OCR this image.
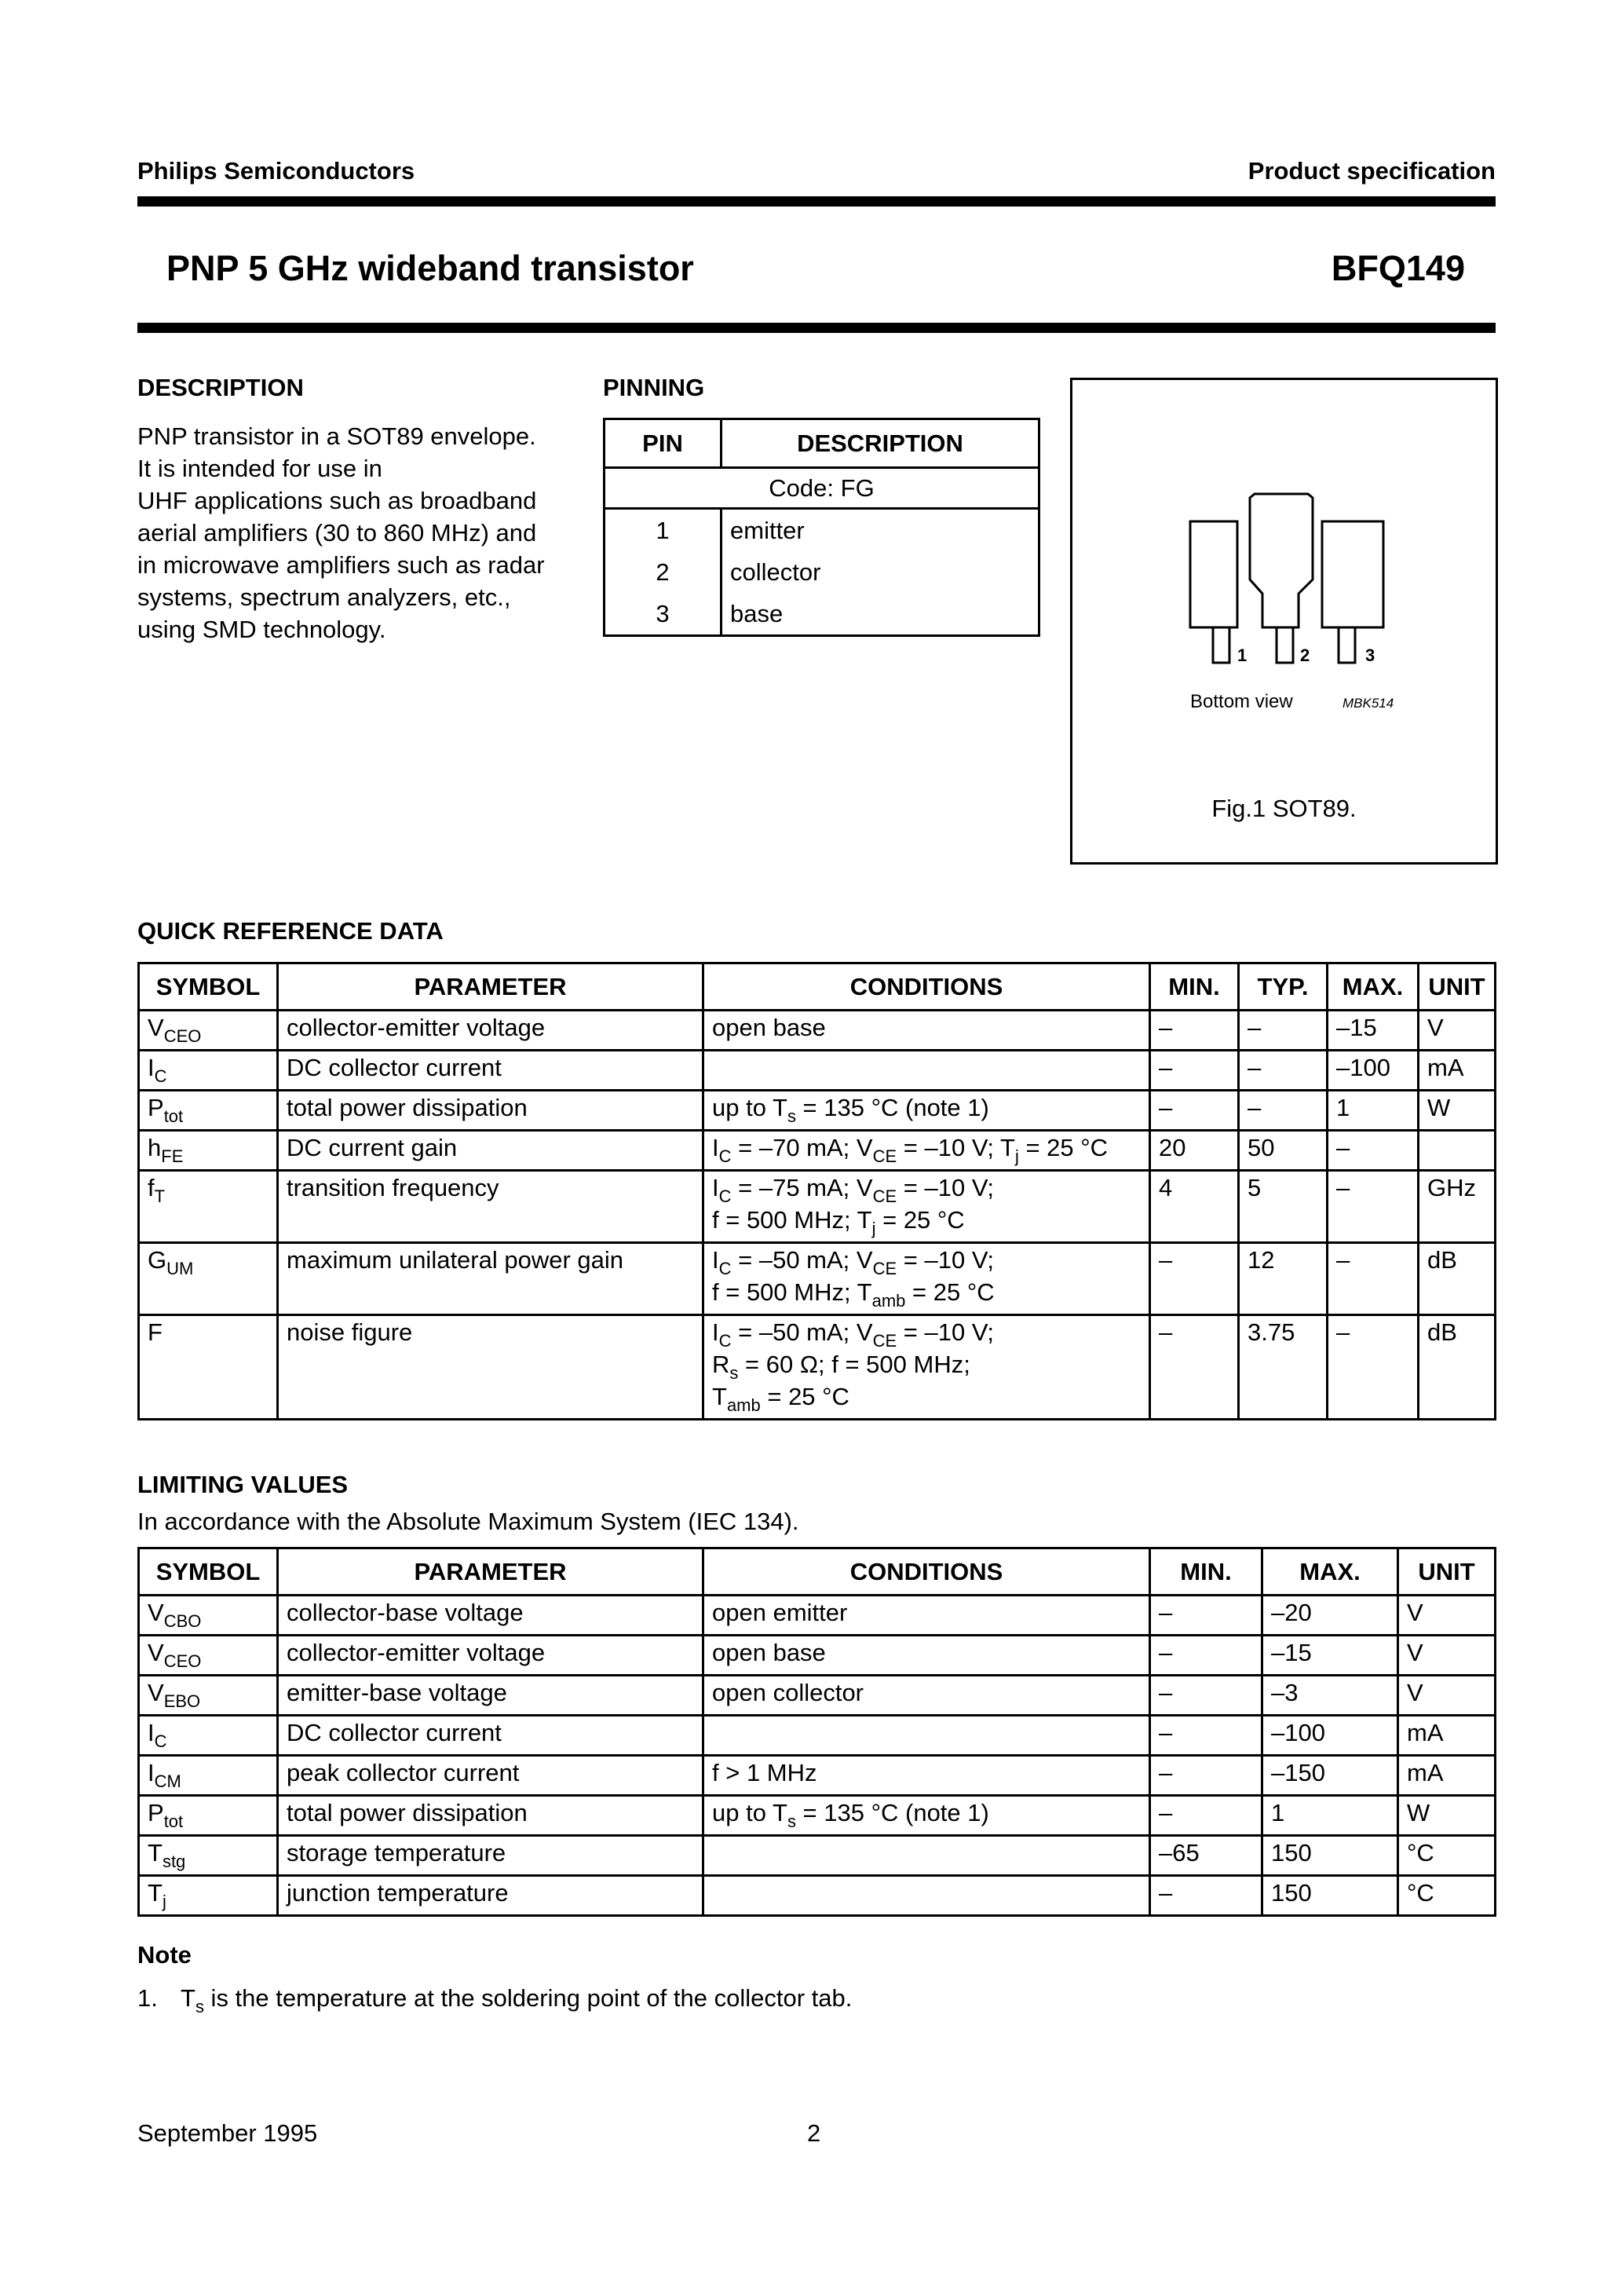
Philips Semiconductors	Product specification
PNP 5 GHz wideband transistor	BFQ149
DESCRIPTION
PNP transistor in a SOT89 envelope.
It is intended for use in
UHF applications such as broadband
aerial amplifiers (30 to 860 MHz) and
in microwave amplifiers such as radar
systems, spectrum analyzers, etc.,
using SMD technology.
PINNING
PIN	DESCRIPTION
Code: FG	
1	emitter
2	collector
3	base
1	2	3
Bottom view	MBK514
Fig.1 SOT89.
QUICK REFERENCE DATA
SYMBOL	PARAMETER	CONDITIONS	MIN.	TYP.	MAX.	UNIT
$V_{CEO}$	collector-emitter voltage	open base	–	–	–15	V
$I_C$	DC collector current		–	–	–100	mA
$P_{tot}$	total power dissipation	up to $T_s = 135$ °C (note 1)	–	–	1	W
$h_{FE}$	DC current gain	$I_C = -70$ mA; $V_{CE} = -10$ V; $T_j = 25$ °C	20	50	–	
$f_T$	transition frequency	$I_C = -75$ mA; $V_{CE} = -10$ V;
f = 500 MHz; $T_j = 25$ °C	4	5	–	GHz
$G_{UM}$	maximum unilateral power gain	$I_C = -50$ mA; $V_{CE} = -10$ V;
f = 500 MHz; $T_{amb} = 25$ °C	–	12	–	dB
F	noise figure	$I_C = -50$ mA; $V_{CE} = -10$ V;
$R_s = 60$ Ω; f = 500 MHz;
$T_{amb} = 25$ °C	–	3.75	–	dB
LIMITING VALUES
In accordance with the Absolute Maximum System (IEC 134).
SYMBOL	PARAMETER	CONDITIONS	MIN.	MAX.	UNIT
$V_{CBO}$	collector-base voltage	open emitter	–	–20	V
$V_{CEO}$	collector-emitter voltage	open base	–	–15	V
$V_{EBO}$	emitter-base voltage	open collector	–	–3	V
$I_C$	DC collector current		–	–100	mA
$I_{CM}$	peak collector current	f > 1 MHz	–	–150	mA
$P_{tot}$	total power dissipation	up to $T_s = 135$ °C (note 1)	–	1	W
$T_{stg}$	storage temperature		–65	150	°C
$T_j$	junction temperature		–	150	°C
Note
1. $T_s$ is the temperature at the soldering point of the collector tab.
September 1995	2
